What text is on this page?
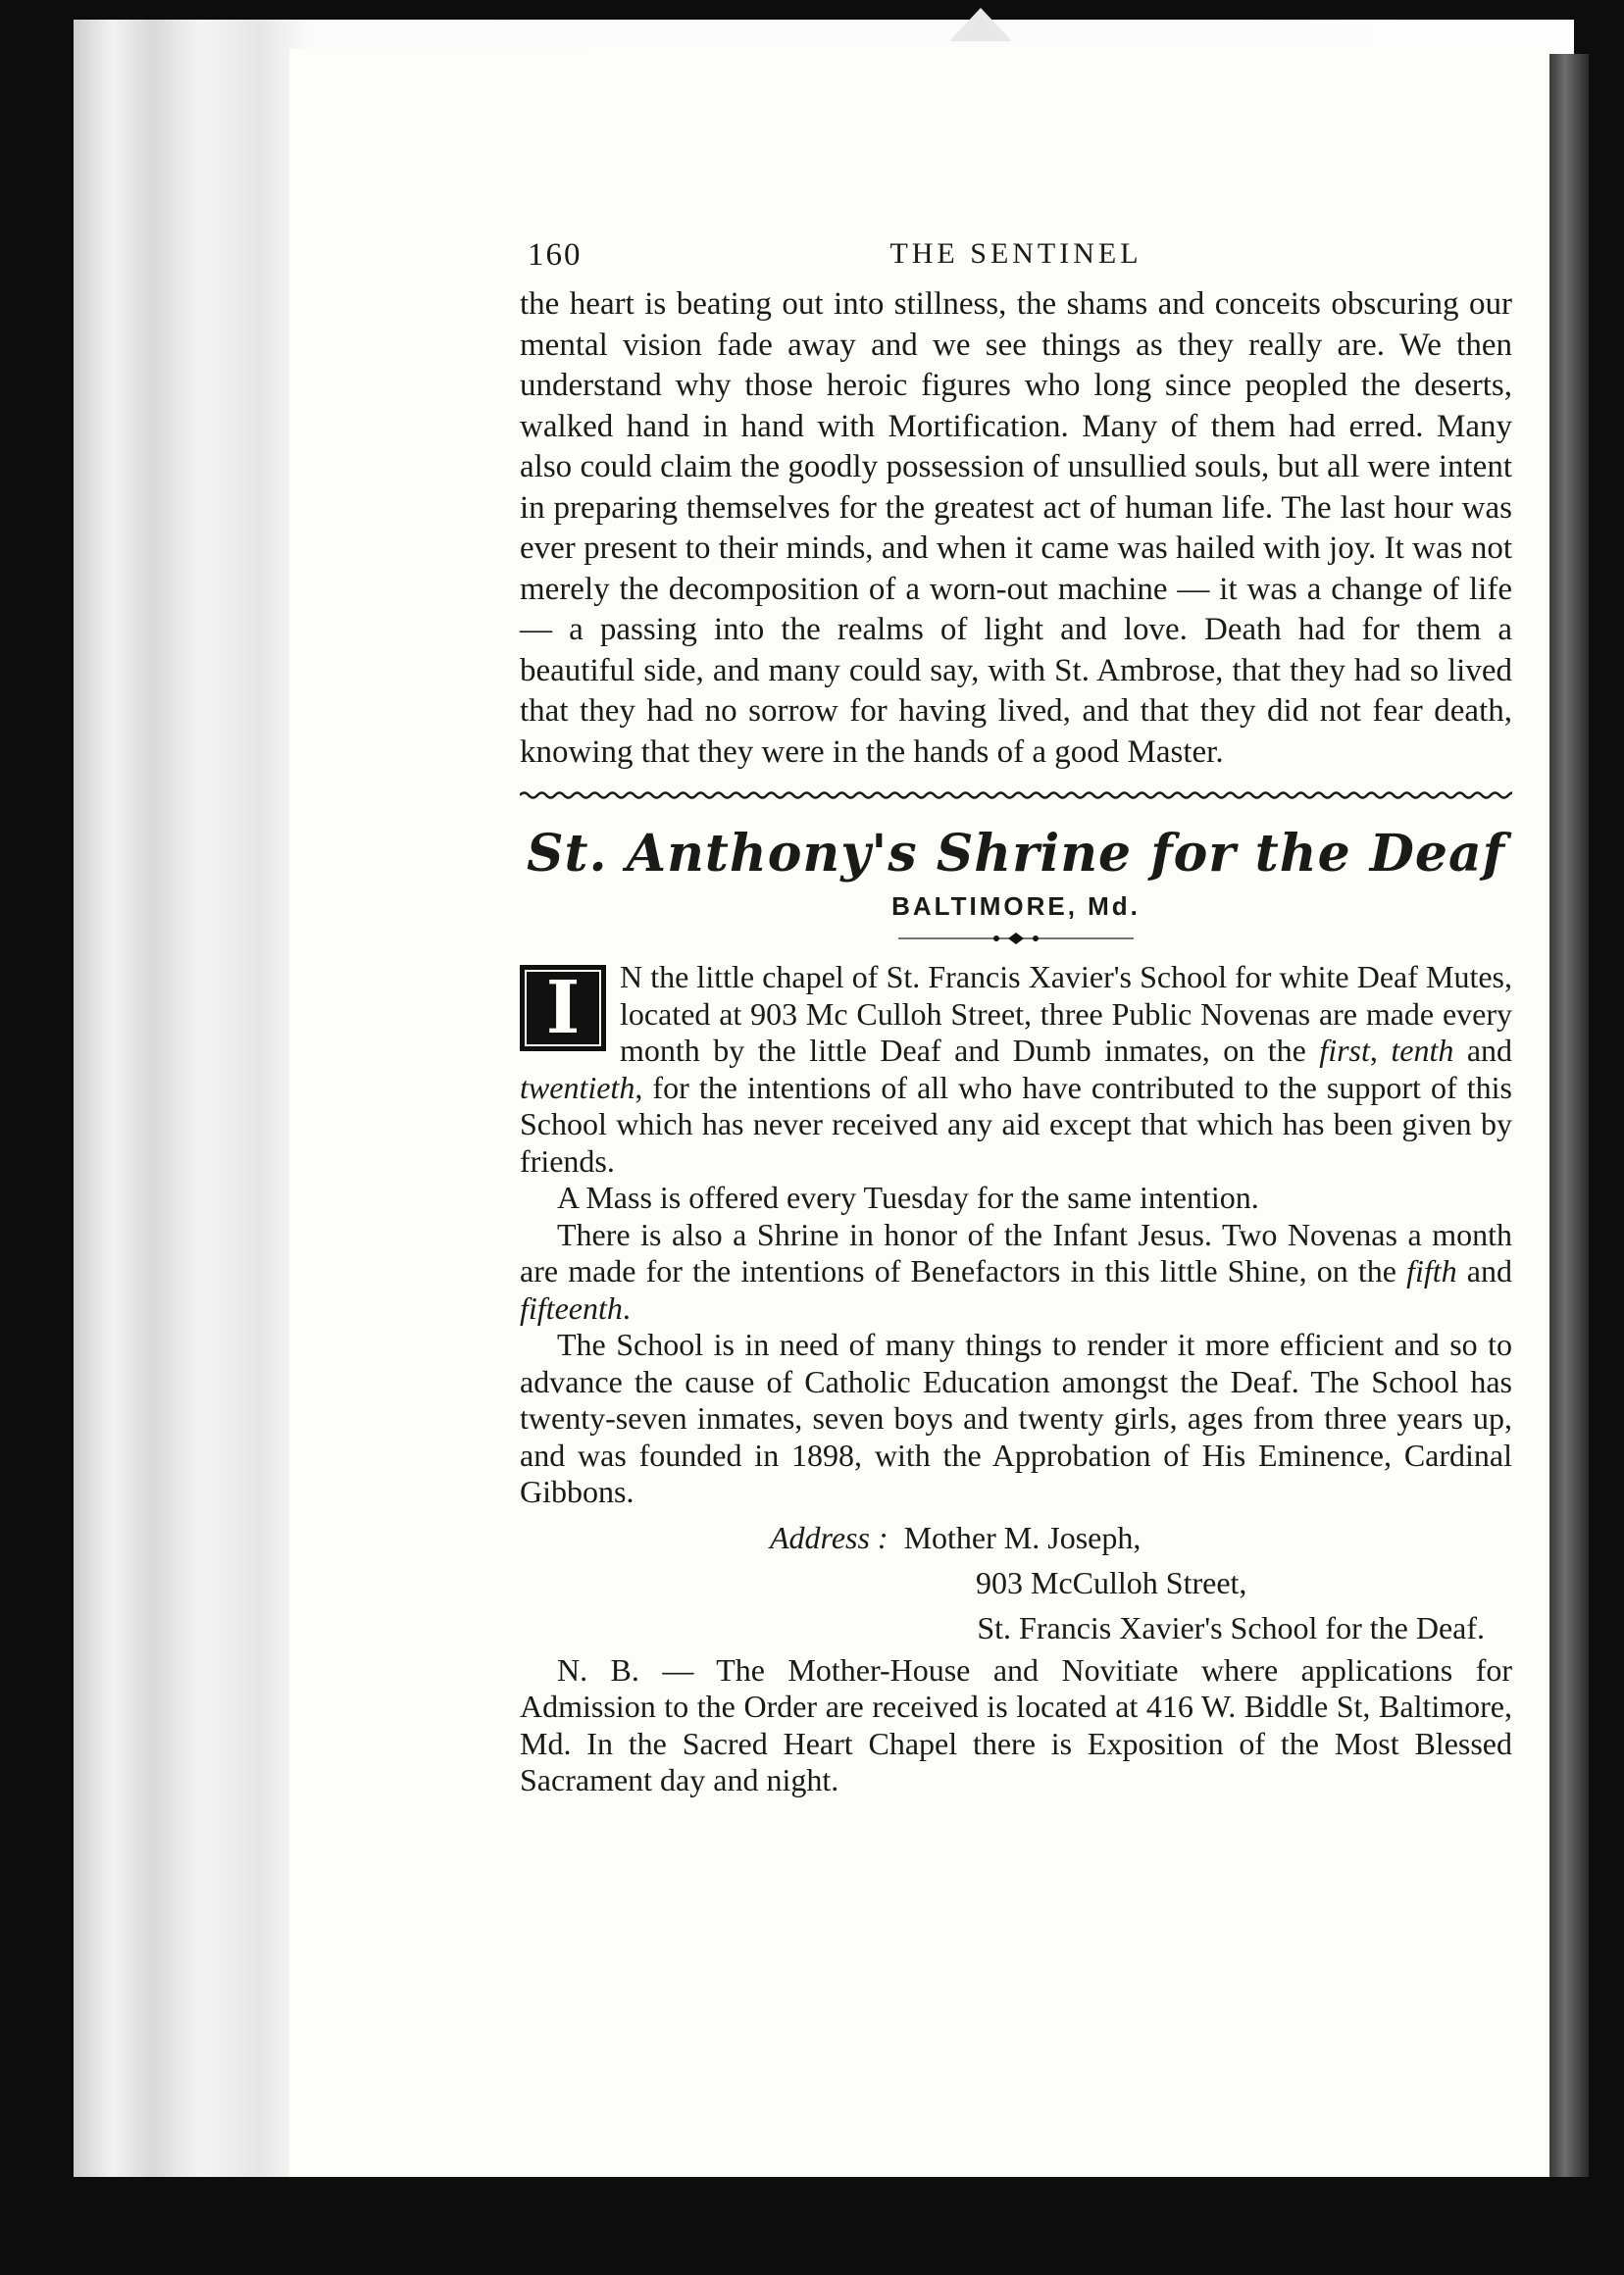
160	THE SENTINEL

the heart is beating out into stillness, the shams and conceits obscuring our mental vision fade away and we see things as they really are. We then understand why those heroic figures who long since peopled the deserts, walked hand in hand with Mortification. Many of them had erred. Many also could claim the goodly possession of unsullied souls, but all were intent in preparing themselves for the greatest act of human life. The last hour was ever present to their minds, and when it came was hailed with joy. It was not merely the decomposition of a worn-out machine — it was a change of life — a passing into the realms of light and love. Death had for them a beautiful side, and many could say, with St. Ambrose, that they had so lived that they had no sorrow for having lived, and that they did not fear death, knowing that they were in the hands of a good Master.

St. Anthony's Shrine for the Deaf
BALTIMORE, Md.
I	N the little chapel of St. Francis Xavier's School for white Deaf Mutes, located at 903 Mc Culloh Street, three Public Novenas are made every month by the little Deaf and Dumb inmates, on the first, tenth and twentieth, for the intentions of all who have contributed to the support of this School which has never received any aid except that which has been given by friends.

A Mass is offered every Tuesday for the same intention.

There is also a Shrine in honor of the Infant Jesus. Two Novenas a month are made for the intentions of Benefactors in this little Shine, on the fifth and fifteenth.

The School is in need of many things to render it more efficient and so to advance the cause of Catholic Education amongst the Deaf. The School has twenty-seven inmates, seven boys and twenty girls, ages from three years up, and was founded in 1898, with the Approbation of His Eminence, Cardinal Gibbons.

Address : Mother M. Joseph,
903 McCulloh Street,
St. Francis Xavier's School for the Deaf.

N. B. — The Mother-House and Novitiate where applications for Admission to the Order are received is located at 416 W. Biddle St, Baltimore, Md. In the Sacred Heart Chapel there is Exposition of the Most Blessed Sacrament day and night.
